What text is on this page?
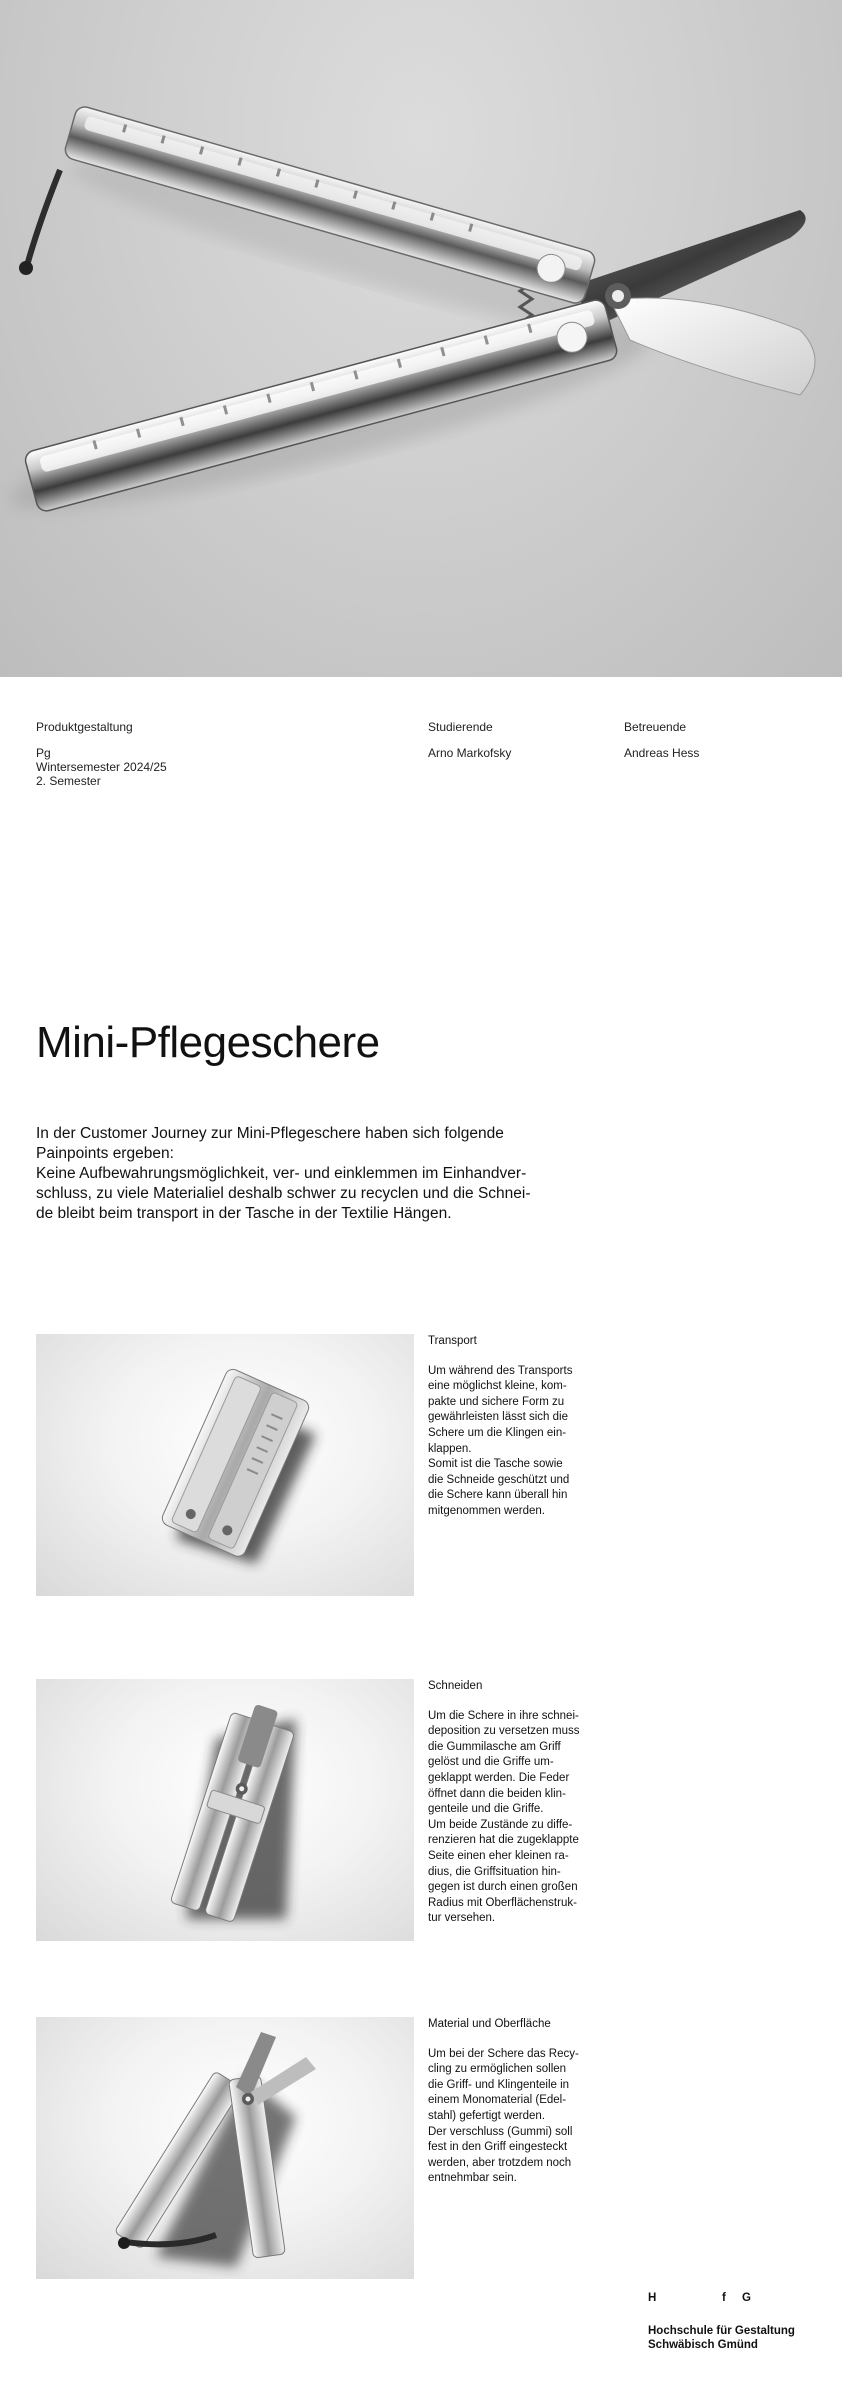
Produktgestaltung
Pg
Wintersemester 2024/25
2. Semester
Studierende
Arno Markofsky
Betreuende
Andreas Hess
Mini-Pflegeschere

In der Customer Journey zur Mini-Pflegeschere haben sich folgende

Painpoints ergeben:

Keine Aufbewahrungsmöglichkeit, ver- und einklemmen im Einhandver-

schluss, zu viele Materialiel deshalb schwer zu recyclen und die Schnei-

de bleibt beim transport in der Tasche in der Textilie Hängen.

Transport

Um während des Transports

eine möglichst kleine, kom-

pakte und sichere Form zu

gewährleisten lässt sich die

Schere um die Klingen ein-

klappen.

Somit ist die Tasche sowie

die Schneide geschützt und

die Schere kann überall hin

mitgenommen werden.

Schneiden

Um die Schere in ihre schnei-

deposition zu versetzen muss

die Gummilasche am Griff

gelöst und die Griffe um-

geklappt werden. Die Feder

öffnet dann die beiden klin-

genteile und die Griffe.

Um beide Zustände zu diffe-

renzieren hat die zugeklappte

Seite einen eher kleinen ra-

dius, die Griffsituation hin-

gegen ist durch einen großen

Radius mit Oberflächenstruk-

tur versehen.

Material und Oberfläche

Um bei der Schere das Recy-

cling zu ermöglichen sollen

die Griff- und Klingenteile in

einem Monomaterial (Edel-

stahl) gefertigt werden.

Der verschluss (Gummi) soll

fest in den Griff eingesteckt

werden, aber trotzdem noch

entnehmbar sein.

H	f G
Hochschule für Gestaltung
Schwäbisch Gmünd
